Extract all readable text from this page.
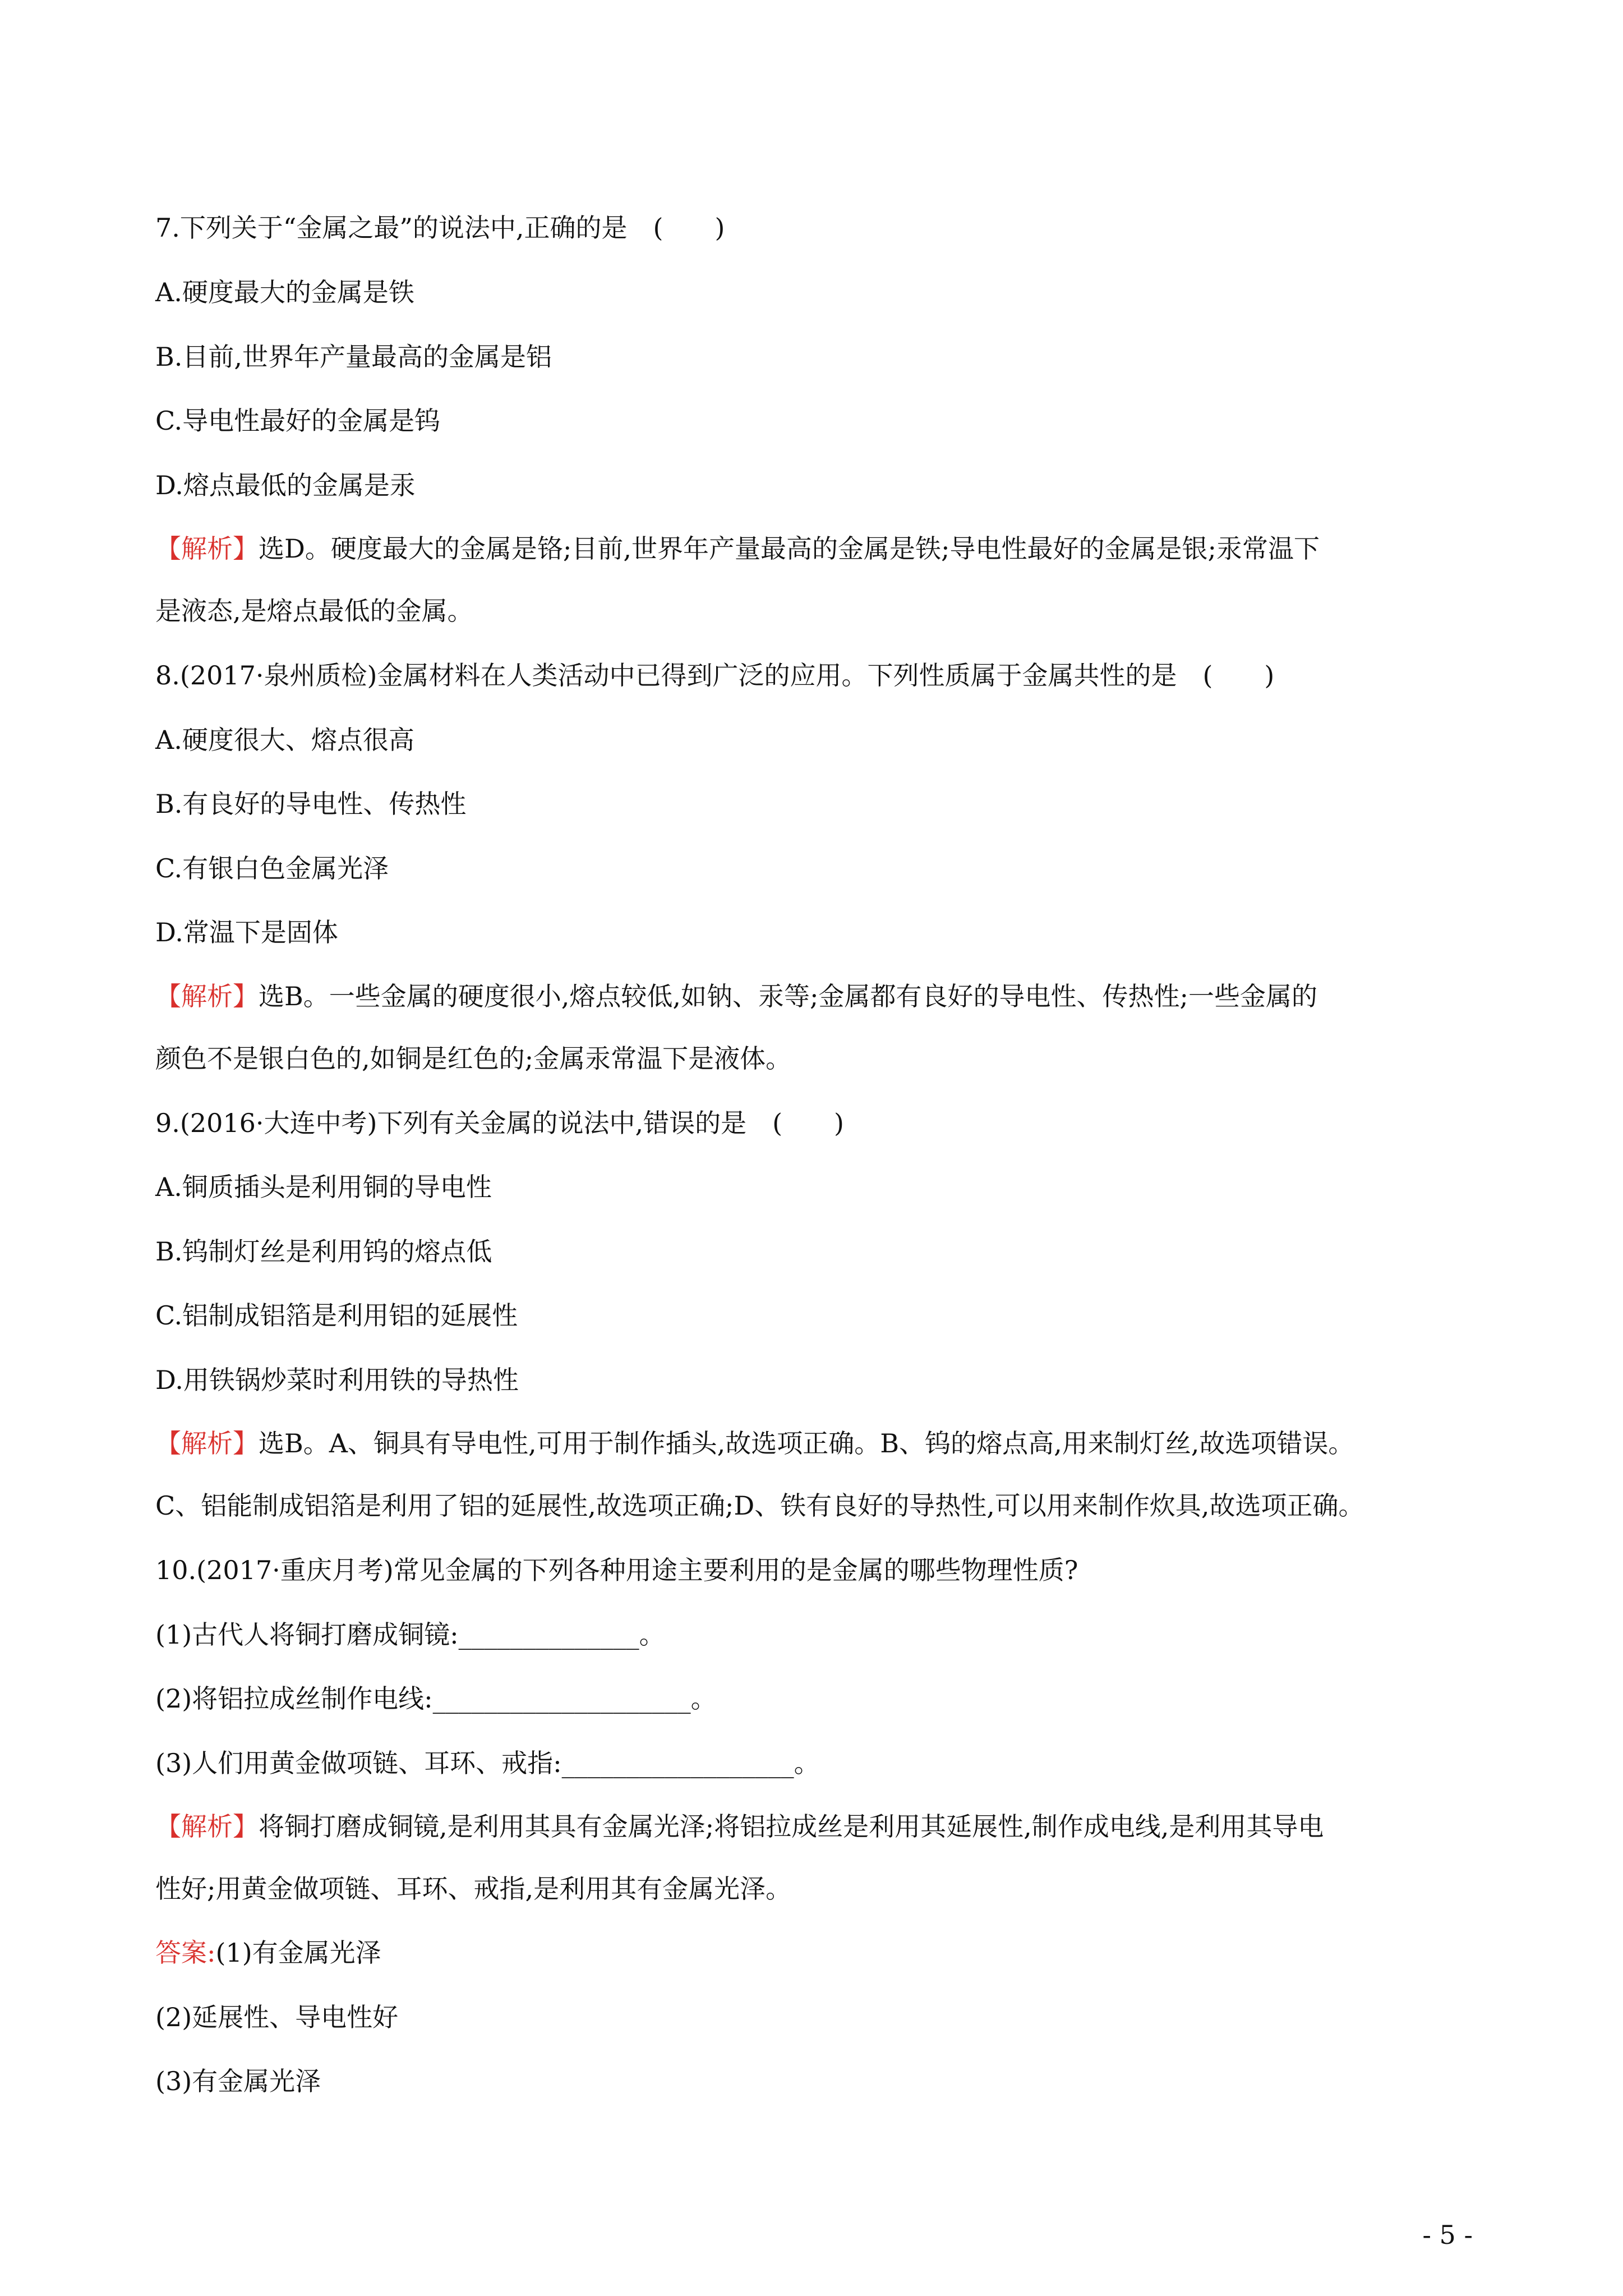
7.下列关于“金属之最”的说法中,正确的是　(　　)
A.硬度最大的金属是铁
B.目前,世界年产量最高的金属是铝
C.导电性最好的金属是钨
D.熔点最低的金属是汞
【解析】选D。硬度最大的金属是铬;目前,世界年产量最高的金属是铁;导电性最好的金属是银;汞常温下
是液态,是熔点最低的金属。
8.(2017·泉州质检)金属材料在人类活动中已得到广泛的应用。下列性质属于金属共性的是　(　　)
A.硬度很大、熔点很高
B.有良好的导电性、传热性
C.有银白色金属光泽
D.常温下是固体
【解析】选B。一些金属的硬度很小,熔点较低,如钠、汞等;金属都有良好的导电性、传热性;一些金属的
颜色不是银白色的,如铜是红色的;金属汞常温下是液体。
9.(2016·大连中考)下列有关金属的说法中,错误的是　(　　)
A.铜质插头是利用铜的导电性
B.钨制灯丝是利用钨的熔点低
C.铝制成铝箔是利用铝的延展性
D.用铁锅炒菜时利用铁的导热性
【解析】选B。A、铜具有导电性,可用于制作插头,故选项正确。B、钨的熔点高,用来制灯丝,故选项错误。
C、铝能制成铝箔是利用了铝的延展性,故选项正确;D、铁有良好的导热性,可以用来制作炊具,故选项正确。
10.(2017·重庆月考)常见金属的下列各种用途主要利用的是金属的哪些物理性质?
(1)古代人将铜打磨成铜镜:______________。
(2)将铝拉成丝制作电线:____________________。
(3)人们用黄金做项链、耳环、戒指:__________________。
【解析】将铜打磨成铜镜,是利用其具有金属光泽;将铝拉成丝是利用其延展性,制作成电线,是利用其导电
性好;用黄金做项链、耳环、戒指,是利用其有金属光泽。
答案:(1)有金属光泽
(2)延展性、导电性好
(3)有金属光泽
- 5 -
